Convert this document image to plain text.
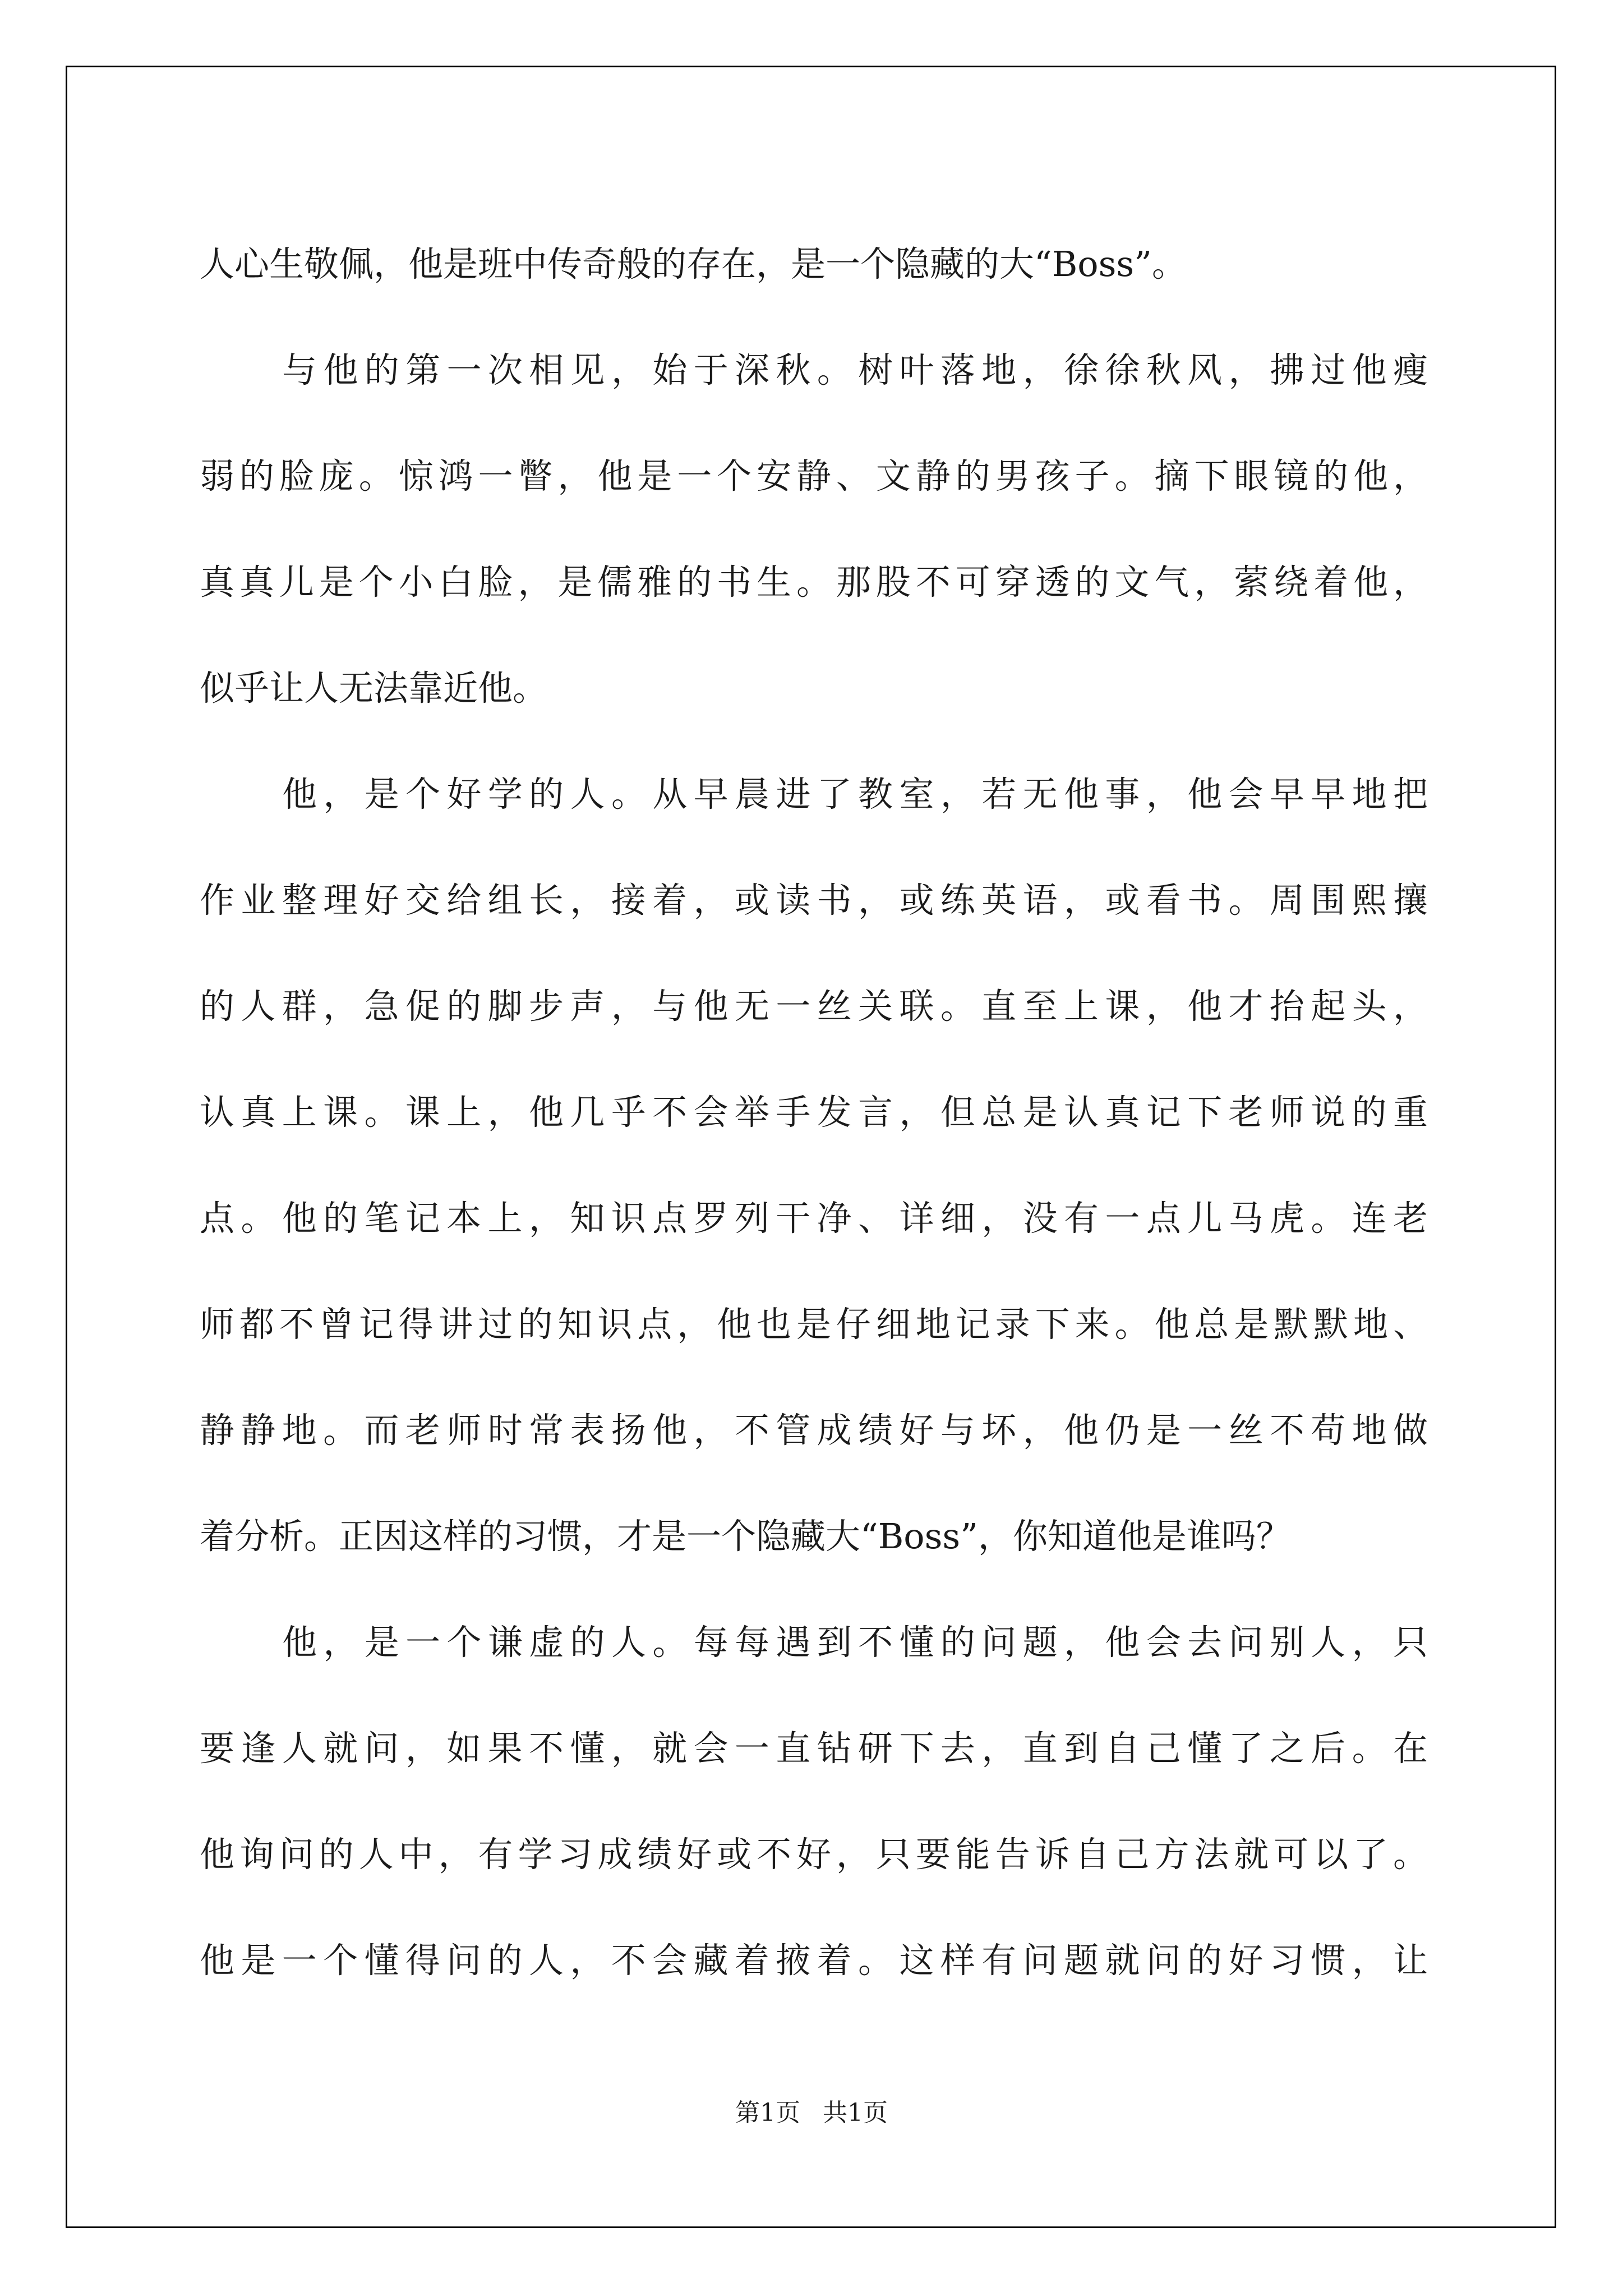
人心生敬佩，他是班中传奇般的存在，是一个隐藏的大“Boss”。
与他的第一次相见，始于深秋。树叶落地，徐徐秋风，拂过他瘦
弱的脸庞。惊鸿一瞥，他是一个安静、文静的男孩子。摘下眼镜的他，
真真儿是个小白脸，是儒雅的书生。那股不可穿透的文气，萦绕着他，
似乎让人无法靠近他。
他，是个好学的人。从早晨进了教室，若无他事，他会早早地把
作业整理好交给组长，接着，或读书，或练英语，或看书。周围熙攘
的人群，急促的脚步声，与他无一丝关联。直至上课，他才抬起头，
认真上课。课上，他几乎不会举手发言，但总是认真记下老师说的重
点。他的笔记本上，知识点罗列干净、详细，没有一点儿马虎。连老
师都不曾记得讲过的知识点，他也是仔细地记录下来。他总是默默地、
静静地。而老师时常表扬他，不管成绩好与坏，他仍是一丝不苟地做
着分析。正因这样的习惯，才是一个隐藏大“Boss”，你知道他是谁吗？
他，是一个谦虚的人。每每遇到不懂的问题，他会去问别人，只
要逢人就问，如果不懂，就会一直钻研下去，直到自己懂了之后。在
他询问的人中，有学习成绩好或不好，只要能告诉自己方法就可以了。
他是一个懂得问的人，不会藏着掖着。这样有问题就问的好习惯，让
第1页 共1页
